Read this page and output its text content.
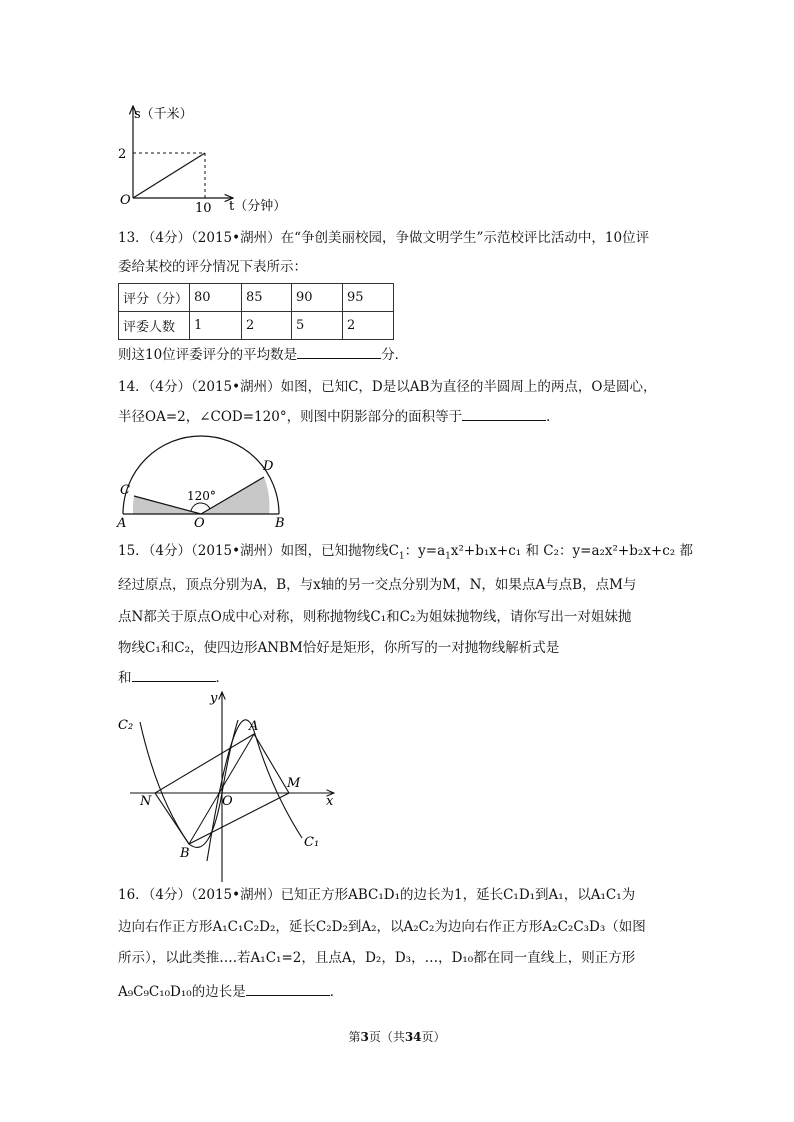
s（千米）
t（分钟）
O
2
10
13．（4分）（2015•湖州）在“争创美丽校园，争做文明学生”示范校评比活动中，10位评
委给某校的评分情况下表所示：
评分（分）	80	85	90	95
评委人数	1	2	5	2
则这10位评委评分的平均数是	分．
14．（4分）（2015•湖州）如图，已知C，D是以AB为直径的半圆周上的两点，O是圆心，
半径OA=2，∠COD=120°，则图中阴影部分的面积等于	．
A	B
C
D
O
120°
15．（4分）（2015•湖州）如图，已知抛物线$C_1$：$y=a_1x^2+b_1x+c_1$ 和 C₂：y=a₂x²+b₂x+c₂ 都
经过原点，顶点分别为A，B，与x轴的另一交点分别为M，N，如果点A与点B，点M与
点N都关于原点O成中心对称，则称抛物线C₁和C₂为姐妹抛物线，请你写出一对姐妹抛
物线C₁和C₂，使四边形ANBM恰好是矩形，你所写的一对抛物线解析式是
和	．
y
x
C₂
C₁
A
B
M
N	O
16．（4分）（2015•湖州）已知正方形ABC₁D₁的边长为1，延长C₁D₁到A₁，以A₁C₁为
边向右作正方形A₁C₁C₂D₂，延长C₂D₂到A₂，以A₂C₂为边向右作正方形A₂C₂C₃D₃（如图
所示），以此类推….若A₁C₁=2，且点A，D₂，D₃，…，D₁₀都在同一直线上，则正方形
A₉C₉C₁₀D₁₀的边长是	．
第3页（共34页）
